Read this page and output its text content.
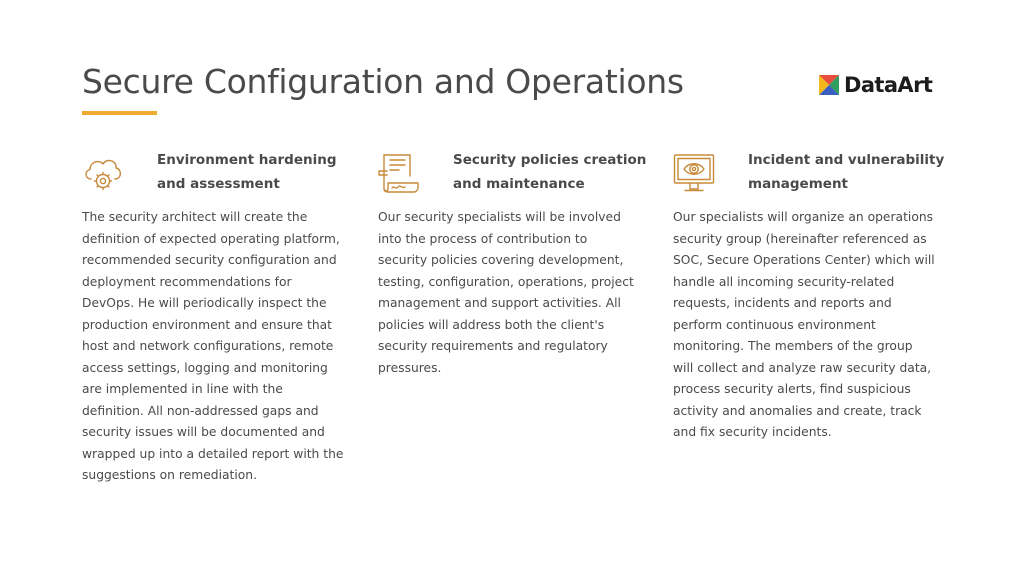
Secure Configuration and Operations	DataArt
Environment hardening and assessment

The security architect will create the definition of expected operating platform, recommended security configuration and deployment recommendations for DevOps. He will periodically inspect the production environment and ensure that host and network configurations, remote access settings, logging and monitoring are implemented in line with the definition. All non-addressed gaps and security issues will be documented and wrapped up into a detailed report with the suggestions on remediation.

Security policies creation and maintenance

Our security specialists will be involved into the process of contribution to security policies covering development, testing, configuration, operations, project management and support activities. All policies will address both the client's security requirements and regulatory pressures.

Incident and vulnerability management

Our specialists will organize an operations security group (hereinafter referenced as SOC, Secure Operations Center) which will handle all incoming security-related requests, incidents and reports and perform continuous environment monitoring. The members of the group will collect and analyze raw security data, process security alerts, find suspicious activity and anomalies and create, track and fix security incidents.
